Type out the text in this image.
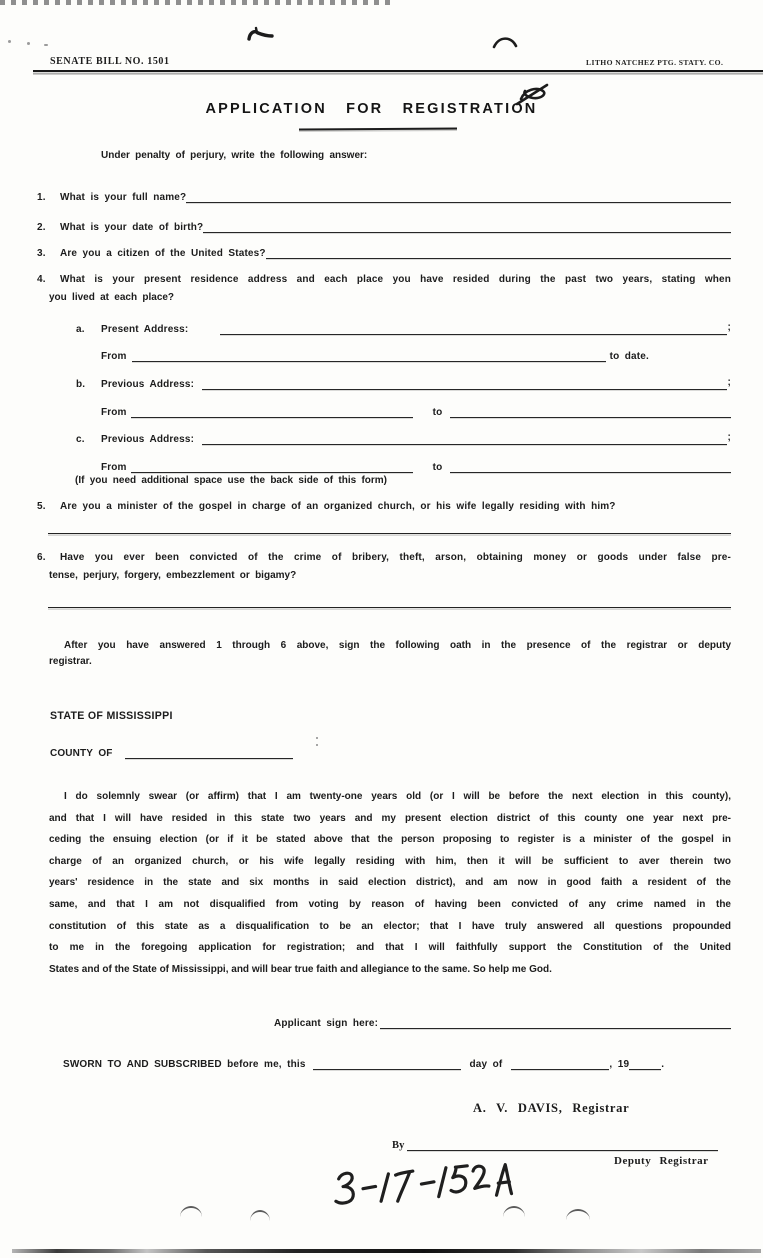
SENATE BILL NO. 1501	LITHO NATCHEZ PTG. STATY. CO.
APPLICATION FOR REGISTRATION
Under penalty of perjury, write the following answer:
1.	What is your full name?
2.	What is your date of birth?
3.	Are you a citizen of the United States?
4.	What is your present residence address and each place you have resided during the past two years, stating when
you lived at each place?
a.	Present Address:	;
From	to date.
b.	Previous Address:	;
From	to
c.	Previous Address:	;
From	to
(If you need additional space use the back side of this form)
5.	Are you a minister of the gospel in charge of an organized church, or his wife legally residing with him?
6.	Have you ever been convicted of the crime of bribery, theft, arson, obtaining money or goods under false pre-
tense, perjury, forgery, embezzlement or bigamy?
After you have answered 1 through 6 above, sign the following oath in the presence of the registrar or deputy
registrar.
STATE OF MISSISSIPPI
COUNTY OF
I do solemnly swear (or affirm) that I am twenty-one years old (or I will be before the next election in this county),
and that I will have resided in this state two years and my present election district of this county one year next pre-
ceding the ensuing election (or if it be stated above that the person proposing to register is a minister of the gospel in
charge of an organized church, or his wife legally residing with him, then it will be sufficient to aver therein two
years' residence in the state and six months in said election district), and am now in good faith a resident of the
same, and that I am not disqualified from voting by reason of having been convicted of any crime named in the
constitution of this state as a disqualification to be an elector; that I have truly answered all questions propounded
to me in the foregoing application for registration; and that I will faithfully support the Constitution of the United
States and of the State of Mississippi, and will bear true faith and allegiance to the same. So help me God.
Applicant sign here:
SWORN TO AND SUBSCRIBED before me, this	day of	, 19	.
A. V. DAVIS, Registrar
By
Deputy Registrar
